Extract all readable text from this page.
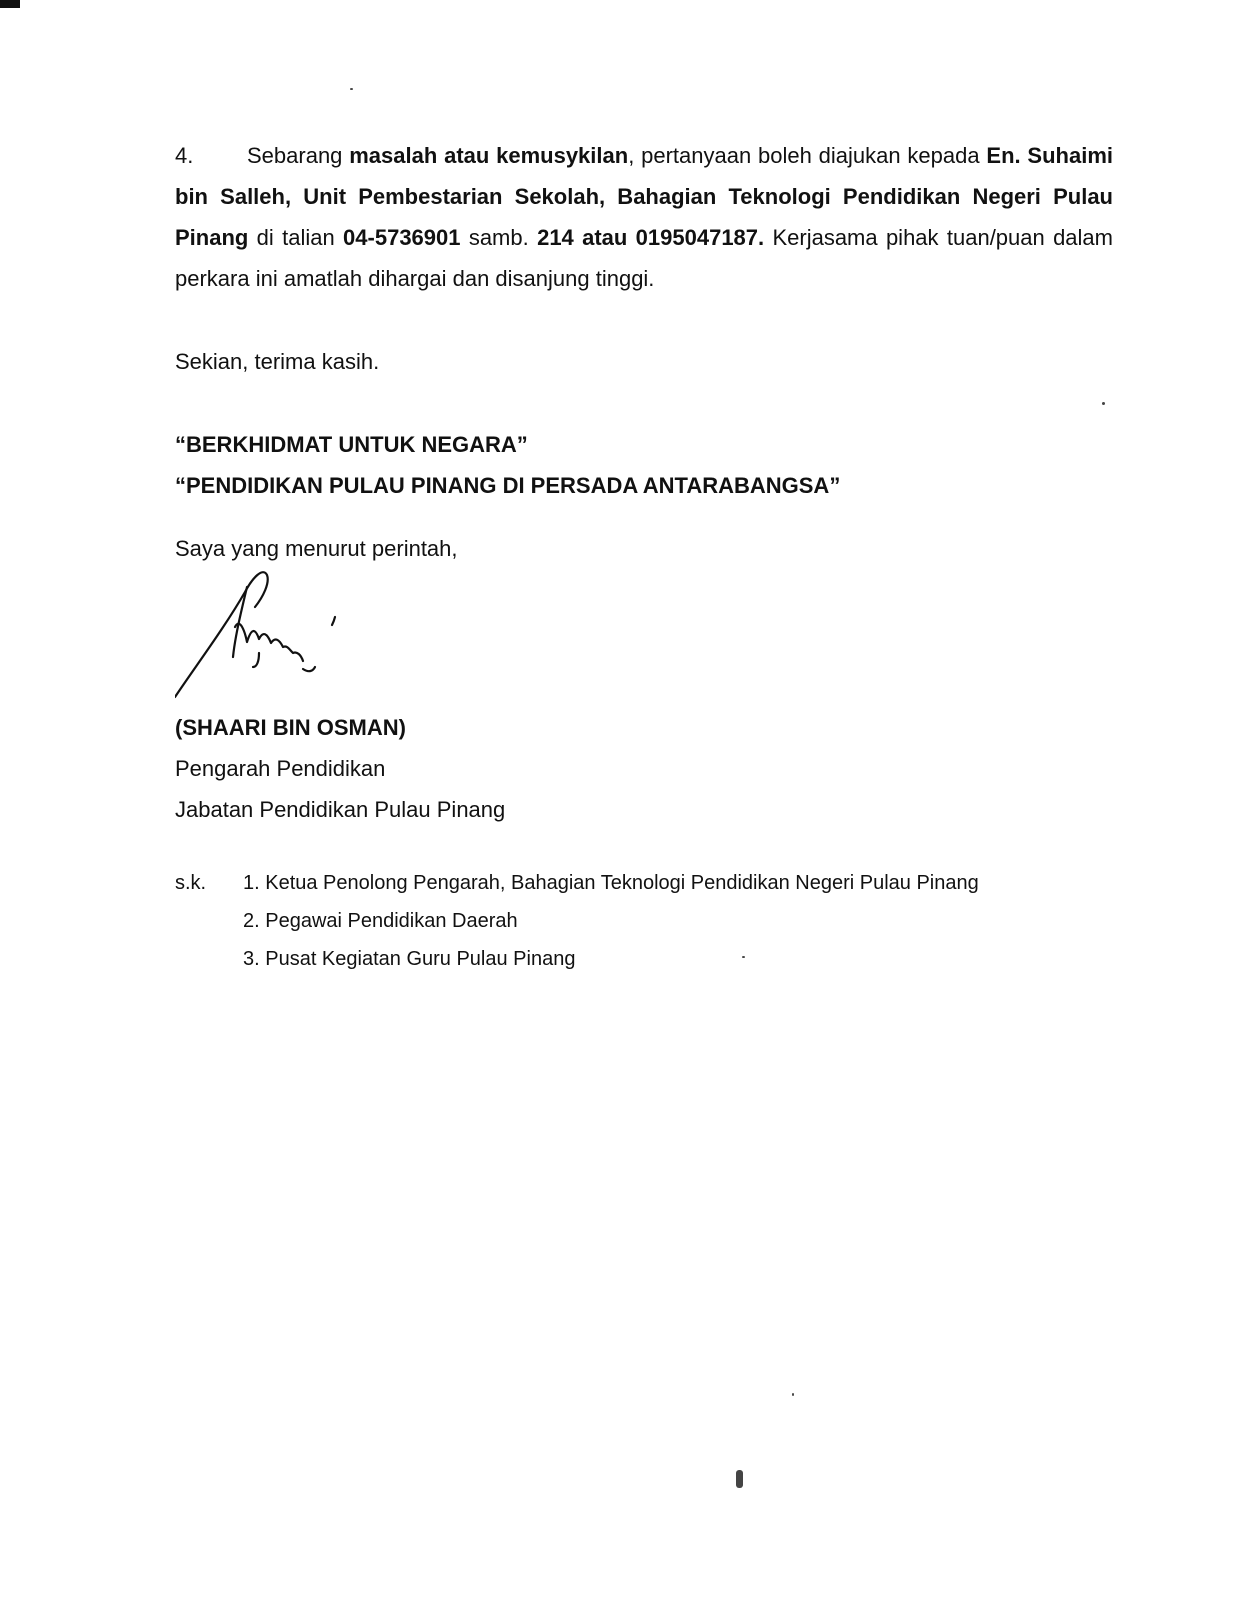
4. Sebarang masalah atau kemusykilan, pertanyaan boleh diajukan kepada En. Suhaimi bin Salleh, Unit Pembestarian Sekolah, Bahagian Teknologi Pendidikan Negeri Pulau Pinang di talian 04-5736901 samb. 214 atau 0195047187. Kerjasama pihak tuan/puan dalam perkara ini amatlah dihargai dan disanjung tinggi.

Sekian, terima kasih.
“BERKHIDMAT UNTUK NEGARA”
“PENDIDIKAN PULAU PINANG DI PERSADA ANTARABANGSA”
Saya yang menurut perintah,
(SHAARI BIN OSMAN)
Pengarah Pendidikan
Jabatan Pendidikan Pulau Pinang
s.k.	1. Ketua Penolong Pengarah, Bahagian Teknologi Pendidikan Negeri Pulau Pinang
2. Pegawai Pendidikan Daerah
3. Pusat Kegiatan Guru Pulau Pinang
